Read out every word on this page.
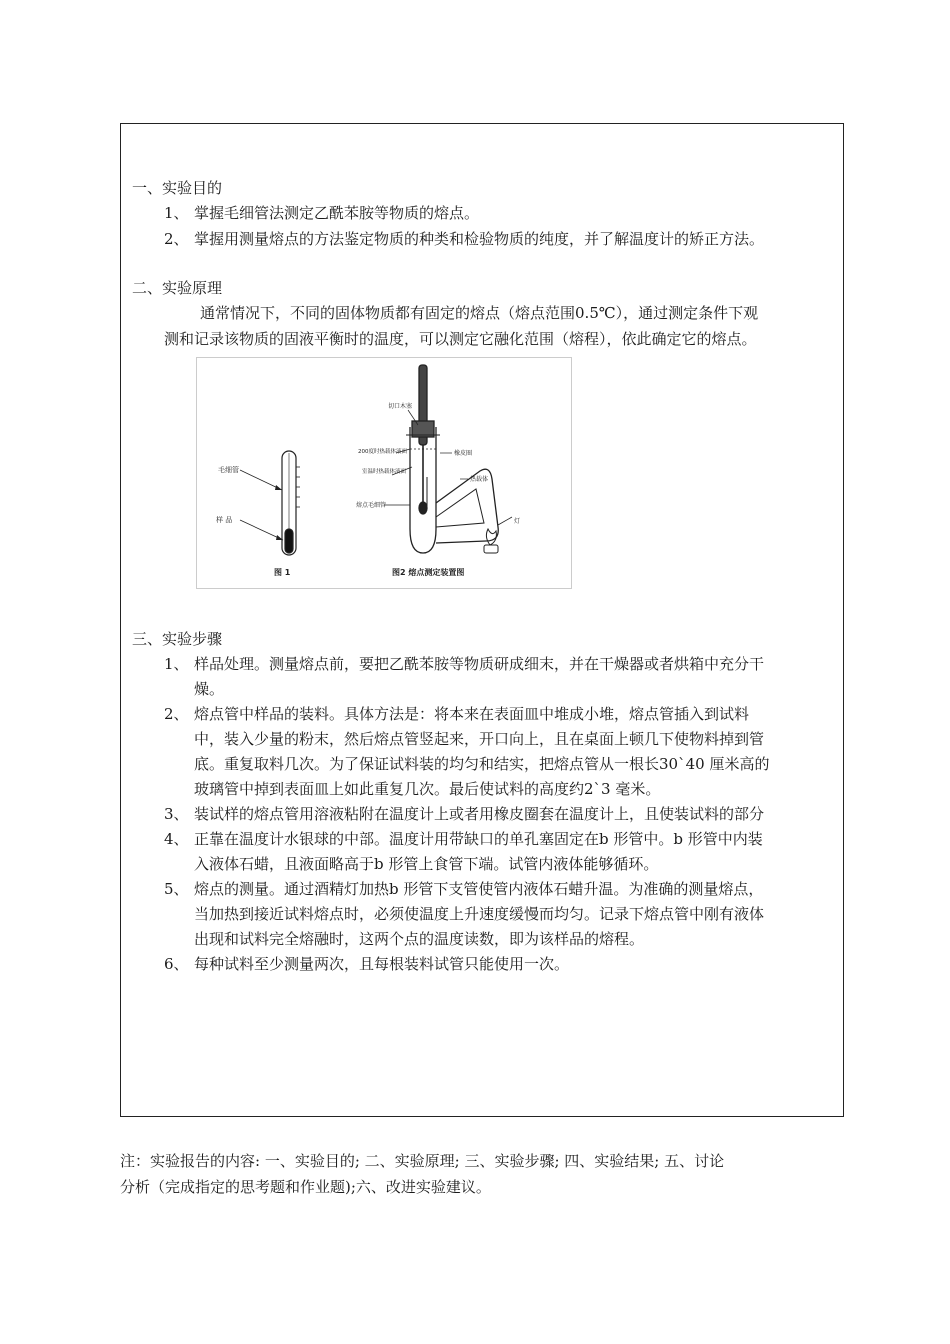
一、实验目的
1、 掌握毛细管法测定乙酰苯胺等物质的熔点。
2、 掌握用测量熔点的方法鉴定物质的种类和检验物质的纯度，并了解温度计的矫正方法。
二、实验原理
通常情况下，不同的固体物质都有固定的熔点（熔点范围0.5℃），通过测定条件下观
测和记录该物质的固液平衡时的温度，可以测定它融化范围（熔程），依此确定它的熔点。
毛细管
样 品
图 1
切口木塞
200度时热载体液面
室温时热载体液面
熔点毛细管
橡皮圈
热载体
灯
图2 熔点测定装置图
三、实验步骤
1、 样品处理。测量熔点前，要把乙酰苯胺等物质研成细末，并在干燥器或者烘箱中充分干
燥。
2、 熔点管中样品的装料。具体方法是：将本来在表面皿中堆成小堆，熔点管插入到试料
中，装入少量的粉末，然后熔点管竖起来，开口向上，且在桌面上顿几下使物料掉到管
底。重复取料几次。为了保证试料装的均匀和结实，把熔点管从一根长30`40 厘米高的
玻璃管中掉到表面皿上如此重复几次。最后使试料的高度约2`3 毫米。
3、 装试样的熔点管用溶液粘附在温度计上或者用橡皮圈套在温度计上，且使装试料的部分
4、 正靠在温度计水银球的中部。温度计用带缺口的单孔塞固定在b 形管中。b 形管中内装
入液体石蜡，且液面略高于b 形管上食管下端。试管内液体能够循环。
5、 熔点的测量。通过酒精灯加热b 形管下支管使管内液体石蜡升温。为准确的测量熔点，
当加热到接近试料熔点时，必须使温度上升速度缓慢而均匀。记录下熔点管中刚有液体
出现和试料完全熔融时，这两个点的温度读数，即为该样品的熔程。
6、 每种试料至少测量两次，且每根装料试管只能使用一次。
注：实验报告的内容: 一、实验目的; 二、实验原理; 三、实验步骤; 四、实验结果; 五、讨论
分析（完成指定的思考题和作业题);六、改进实验建议。
